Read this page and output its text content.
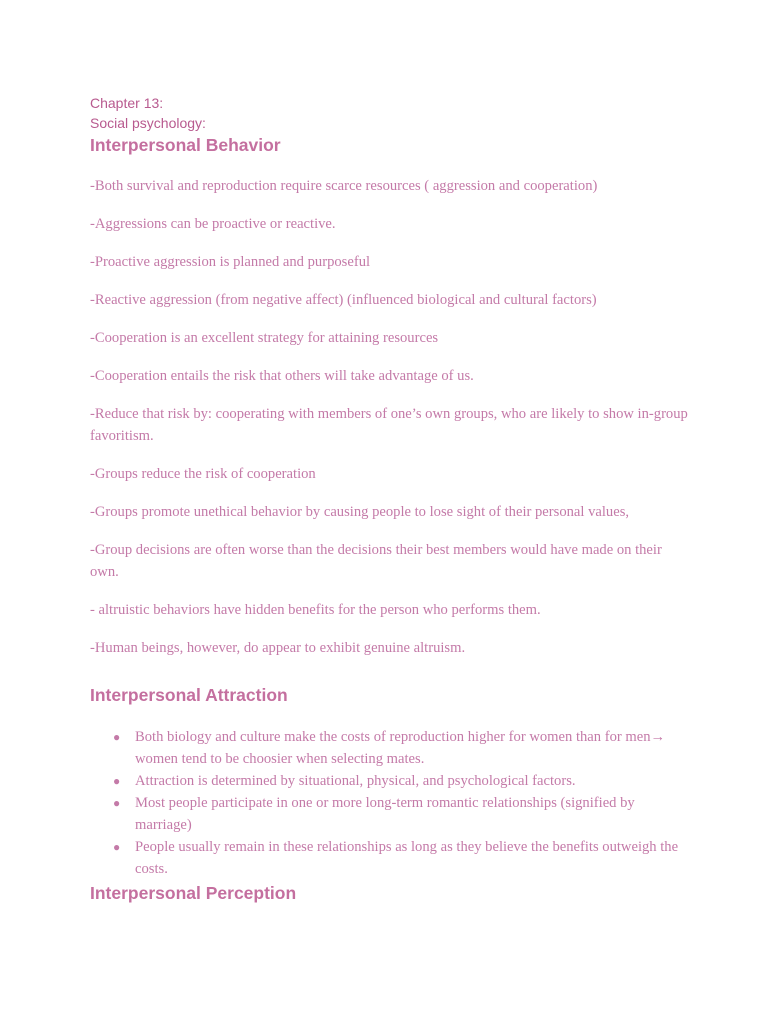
Chapter 13:
Social psychology:
Interpersonal Behavior

-Both survival and reproduction require scarce resources ( aggression and cooperation)

-Aggressions can be proactive or reactive.

-Proactive aggression is planned and purposeful

-Reactive aggression (from negative affect) (influenced biological and cultural factors)

-Cooperation is an excellent strategy for attaining resources

-Cooperation entails the risk that others will take advantage of us.

-Reduce that risk by: cooperating with members of one’s own groups, who are likely to show in-group favoritism.

-Groups reduce the risk of cooperation

-Groups promote unethical behavior by causing people to lose sight of their personal values,

-Group decisions are often worse than the decisions their best members would have made on their own.

- altruistic behaviors have hidden benefits for the person who performs them.

-Human beings, however, do appear to exhibit genuine altruism.

Interpersonal Attraction
● Both biology and culture make the costs of reproduction higher for women than for men→ women tend to be choosier when selecting mates.
● Attraction is determined by situational, physical, and psychological factors.
● Most people participate in one or more long-term romantic relationships (signified by marriage)
● People usually remain in these relationships as long as they believe the benefits outweigh the costs.
Interpersonal Perception
